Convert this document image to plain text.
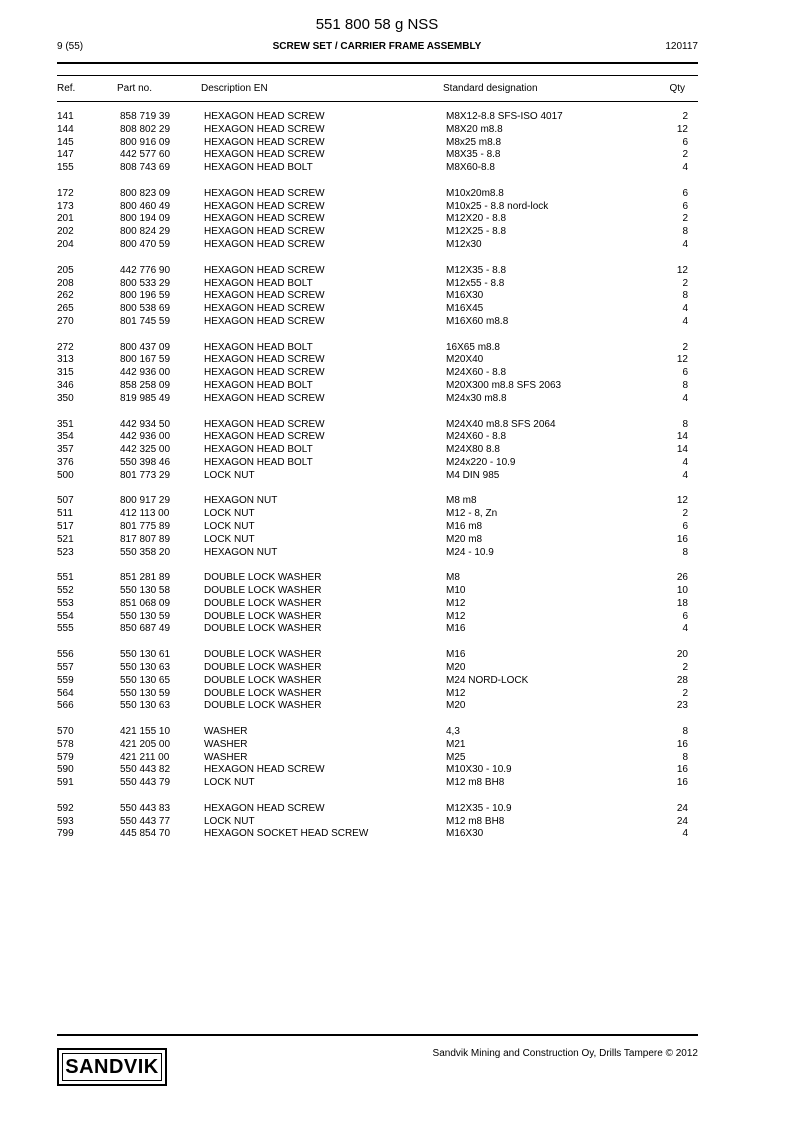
551 800 58 g NSS
9 (55)	SCREW SET / CARRIER FRAME ASSEMBLY	120117
Ref.	Part no.	Description EN	Standard designation	Qty
141	858 719 39	HEXAGON HEAD SCREW	M8X12-8.8 SFS-ISO 4017	2
144	808 802 29	HEXAGON HEAD SCREW	M8X20 m8.8	12
145	800 916 09	HEXAGON HEAD SCREW	M8x25 m8.8	6
147	442 577 60	HEXAGON HEAD SCREW	M8X35 - 8.8	2
155	808 743 69	HEXAGON HEAD BOLT	M8X60-8.8	4
172	800 823 09	HEXAGON HEAD SCREW	M10x20m8.8	6
173	800 460 49	HEXAGON HEAD SCREW	M10x25 - 8.8 nord-lock	6
201	800 194 09	HEXAGON HEAD SCREW	M12X20 - 8.8	2
202	800 824 29	HEXAGON HEAD SCREW	M12X25 - 8.8	8
204	800 470 59	HEXAGON HEAD SCREW	M12x30	4
205	442 776 90	HEXAGON HEAD SCREW	M12X35 - 8.8	12
208	800 533 29	HEXAGON HEAD BOLT	M12x55 - 8.8	2
262	800 196 59	HEXAGON HEAD SCREW	M16X30	8
265	800 538 69	HEXAGON HEAD SCREW	M16X45	4
270	801 745 59	HEXAGON HEAD SCREW	M16X60 m8.8	4
272	800 437 09	HEXAGON HEAD BOLT	16X65 m8.8	2
313	800 167 59	HEXAGON HEAD SCREW	M20X40	12
315	442 936 00	HEXAGON HEAD SCREW	M24X60 - 8.8	6
346	858 258 09	HEXAGON HEAD BOLT	M20X300 m8.8 SFS 2063	8
350	819 985 49	HEXAGON HEAD SCREW	M24x30 m8.8	4
351	442 934 50	HEXAGON HEAD SCREW	M24X40 m8.8 SFS 2064	8
354	442 936 00	HEXAGON HEAD SCREW	M24X60 - 8.8	14
357	442 325 00	HEXAGON HEAD BOLT	M24X80 8.8	14
376	550 398 46	HEXAGON HEAD BOLT	M24x220 - 10.9	4
500	801 773 29	LOCK NUT	M4 DIN 985	4
507	800 917 29	HEXAGON NUT	M8 m8	12
511	412 113 00	LOCK NUT	M12 - 8, Zn	2
517	801 775 89	LOCK NUT	M16 m8	6
521	817 807 89	LOCK NUT	M20 m8	16
523	550 358 20	HEXAGON NUT	M24 - 10.9	8
551	851 281 89	DOUBLE LOCK WASHER	M8	26
552	550 130 58	DOUBLE LOCK WASHER	M10	10
553	851 068 09	DOUBLE LOCK WASHER	M12	18
554	550 130 59	DOUBLE LOCK WASHER	M12	6
555	850 687 49	DOUBLE LOCK WASHER	M16	4
556	550 130 61	DOUBLE LOCK WASHER	M16	20
557	550 130 63	DOUBLE LOCK WASHER	M20	2
559	550 130 65	DOUBLE LOCK WASHER	M24 NORD-LOCK	28
564	550 130 59	DOUBLE LOCK WASHER	M12	2
566	550 130 63	DOUBLE LOCK WASHER	M20	23
570	421 155 10	WASHER	4,3	8
578	421 205 00	WASHER	M21	16
579	421 211 00	WASHER	M25	8
590	550 443 82	HEXAGON HEAD SCREW	M10X30 - 10.9	16
591	550 443 79	LOCK NUT	M12 m8 BH8	16
592	550 443 83	HEXAGON HEAD SCREW	M12X35 - 10.9	24
593	550 443 77	LOCK NUT	M12 m8 BH8	24
799	445 854 70	HEXAGON SOCKET HEAD SCREW	M16X30	4
SANDVIK
Sandvik Mining and Construction Oy, Drills Tampere © 2012
